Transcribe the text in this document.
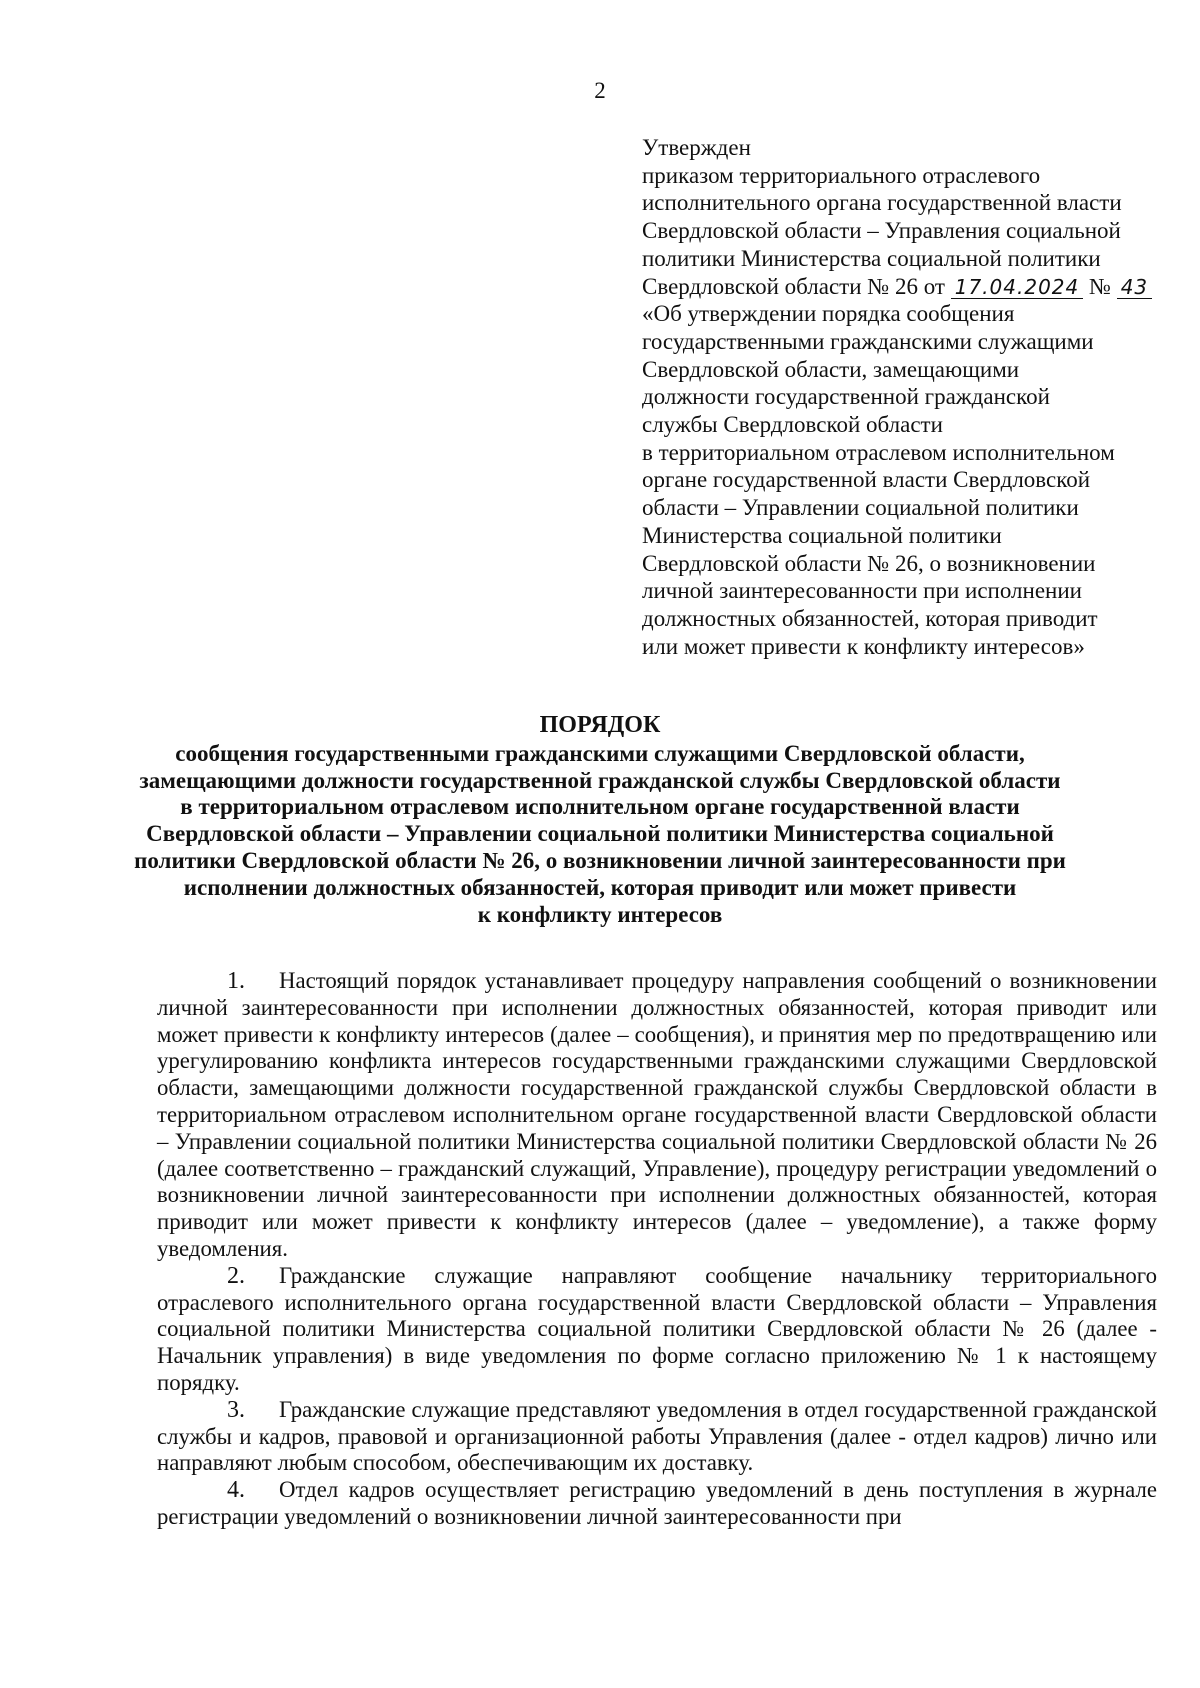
2
Утвержден
приказом территориального отраслевого
исполнительного органа государственной власти
Свердловской области – Управления социальной
политики Министерства социальной политики
Свердловской области № 26 от 17.04.2024 № 43
«Об утверждении порядка сообщения
государственными гражданскими служащими
Свердловской области, замещающими
должности государственной гражданской
службы Свердловской области
в территориальном отраслевом исполнительном
органе государственной власти Свердловской
области – Управлении социальной политики
Министерства социальной политики
Свердловской области № 26, о возникновении
личной заинтересованности при исполнении
должностных обязанностей, которая приводит
или может привести к конфликту интересов»
ПОРЯДОК
сообщения государственными гражданскими служащими Свердловской области,
замещающими должности государственной гражданской службы Свердловской области
в территориальном отраслевом исполнительном органе государственной власти
Свердловской области – Управлении социальной политики Министерства социальной
политики Свердловской области № 26, о возникновении личной заинтересованности при
исполнении должностных обязанностей, которая приводит или может привести
к конфликту интересов

1. Настоящий порядок устанавливает процедуру направления сообщений о возникновении личной заинтересованности при исполнении должностных обязанностей, которая приводит или может привести к конфликту интересов (далее – сообщения), и принятия мер по предотвращению или урегулированию конфликта интересов государственными гражданскими служащими Свердловской области, замещающими должности государственной гражданской службы Свердловской области в территориальном отраслевом исполнительном органе государственной власти Свердловской области – Управлении социальной политики Министерства социальной политики Свердловской области № 26 (далее соответственно – гражданский служащий, Управление), процедуру регистрации уведомлений о возникновении личной заинтересованности при исполнении должностных обязанностей, которая приводит или может привести к конфликту интересов (далее – уведомление), а также форму уведомления.

2. Гражданские служащие направляют сообщение начальнику территориального отраслевого исполнительного органа государственной власти Свердловской области – Управления социальной политики Министерства социальной политики Свердловской области № 26 (далее - Начальник управления) в виде уведомления по форме согласно приложению № 1 к настоящему порядку.

3. Гражданские служащие представляют уведомления в отдел государственной гражданской службы и кадров, правовой и организационной работы Управления (далее - отдел кадров) лично или направляют любым способом, обеспечивающим их доставку.

4. Отдел кадров осуществляет регистрацию уведомлений в день поступления в журнале регистрации уведомлений о возникновении личной заинтересованности при
